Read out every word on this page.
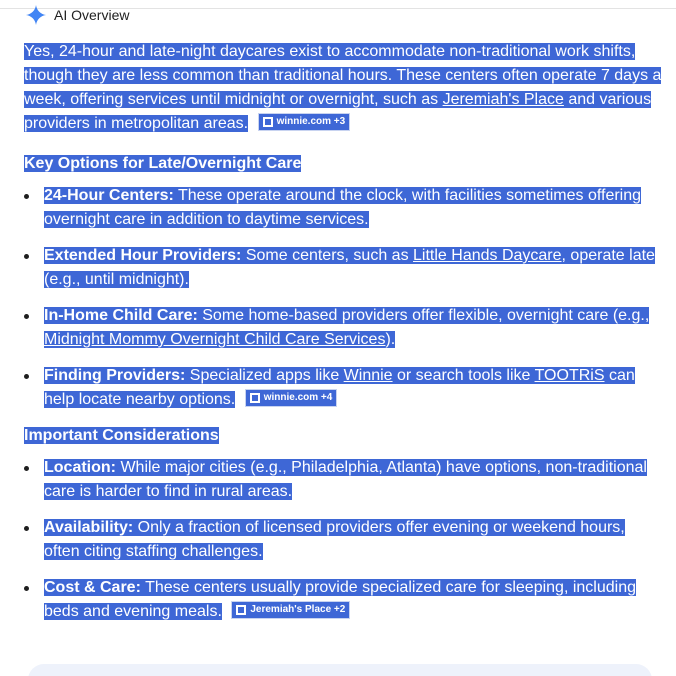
AI Overview

Yes, 24-hour and late-night daycares exist to accommodate non-traditional work shifts, though they are less common than traditional hours. These centers often operate 7 days a week, offering services until midnight or overnight, such as Jeremiah's Place and various providers in metropolitan areas.	winnie.com +3

Key Options for Late/Overnight Care
24-Hour Centers: These operate around the clock, with facilities sometimes offering overnight care in addition to daytime services.
Extended Hour Providers: Some centers, such as Little Hands Daycare, operate late (e.g., until midnight).
In-Home Child Care: Some home-based providers offer flexible, overnight care (e.g., Midnight Mommy Overnight Child Care Services).
Finding Providers: Specialized apps like Winnie or search tools like TOOTRiS can help locate nearby options.	winnie.com +4
Important Considerations
Location: While major cities (e.g., Philadelphia, Atlanta) have options, non-traditional care is harder to find in rural areas.
Availability: Only a fraction of licensed providers offer evening or weekend hours, often citing staffing challenges.
Cost & Care: These centers usually provide specialized care for sleeping, including beds and evening meals.	Jeremiah's Place +2
